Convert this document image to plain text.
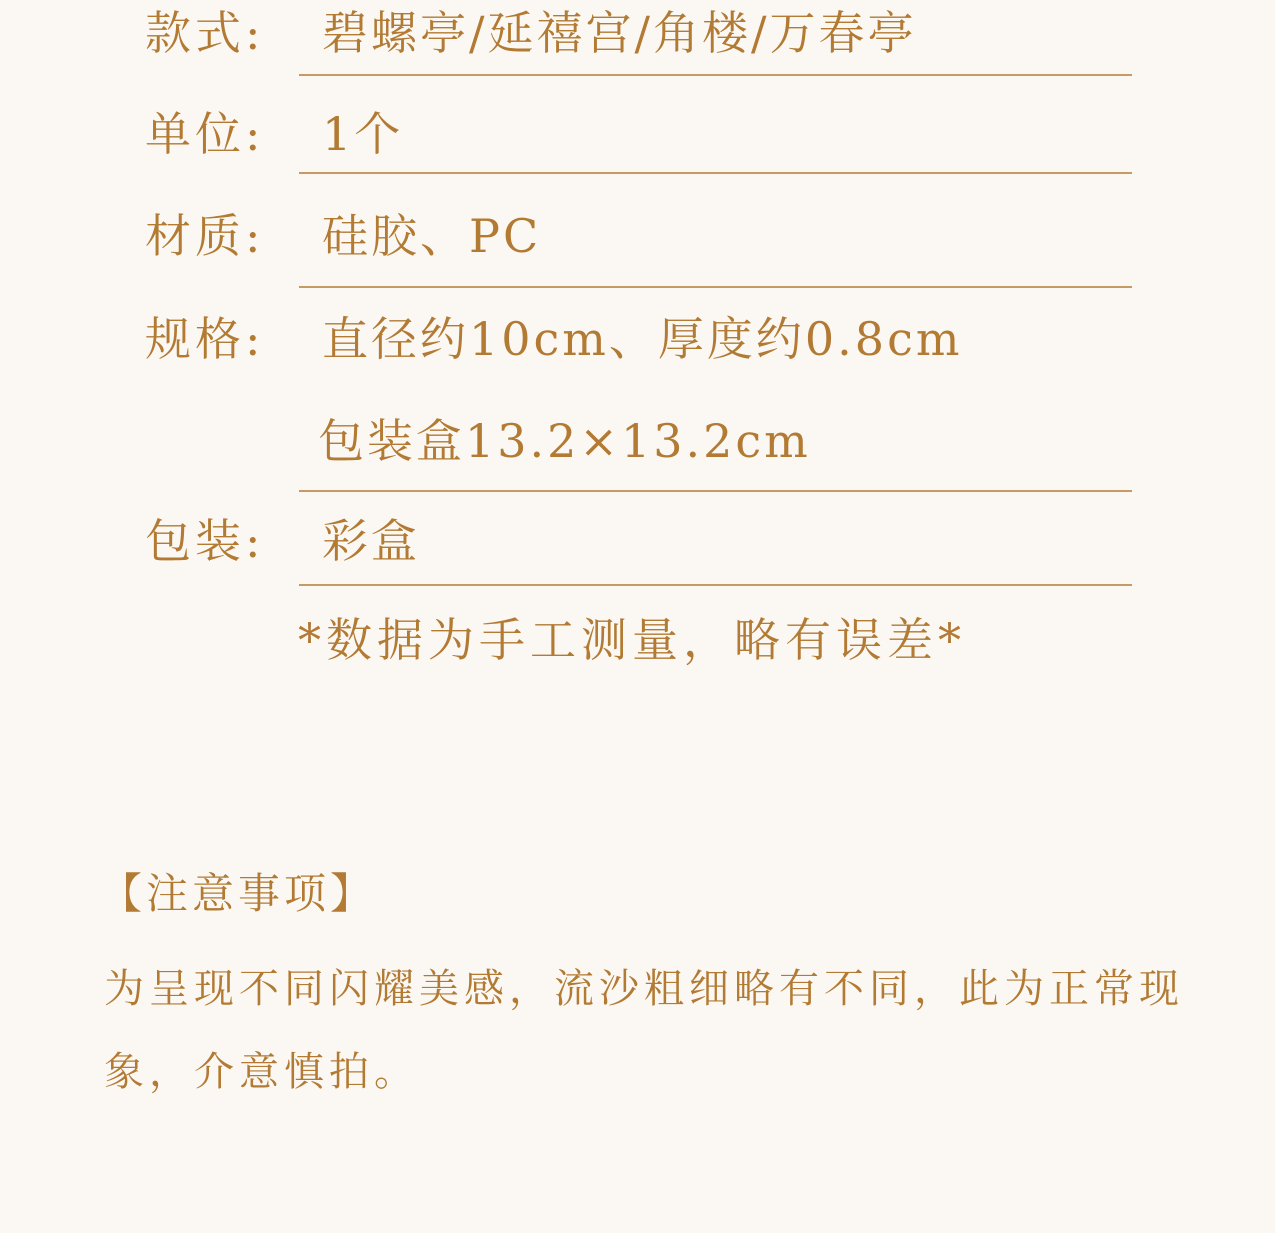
款式: 碧螺亭/延禧宫/角楼/万春亭
单位: 1个
材质: 硅胶、PC
规格: 直径约10cm、厚度约0.8cm
包装盒13.2×13.2cm
包装: 彩盒
*数据为手工测量，略有误差*
【注意事项】
为呈现不同闪耀美感，流沙粗细略有不同，此为正常现象，介意慎拍。
